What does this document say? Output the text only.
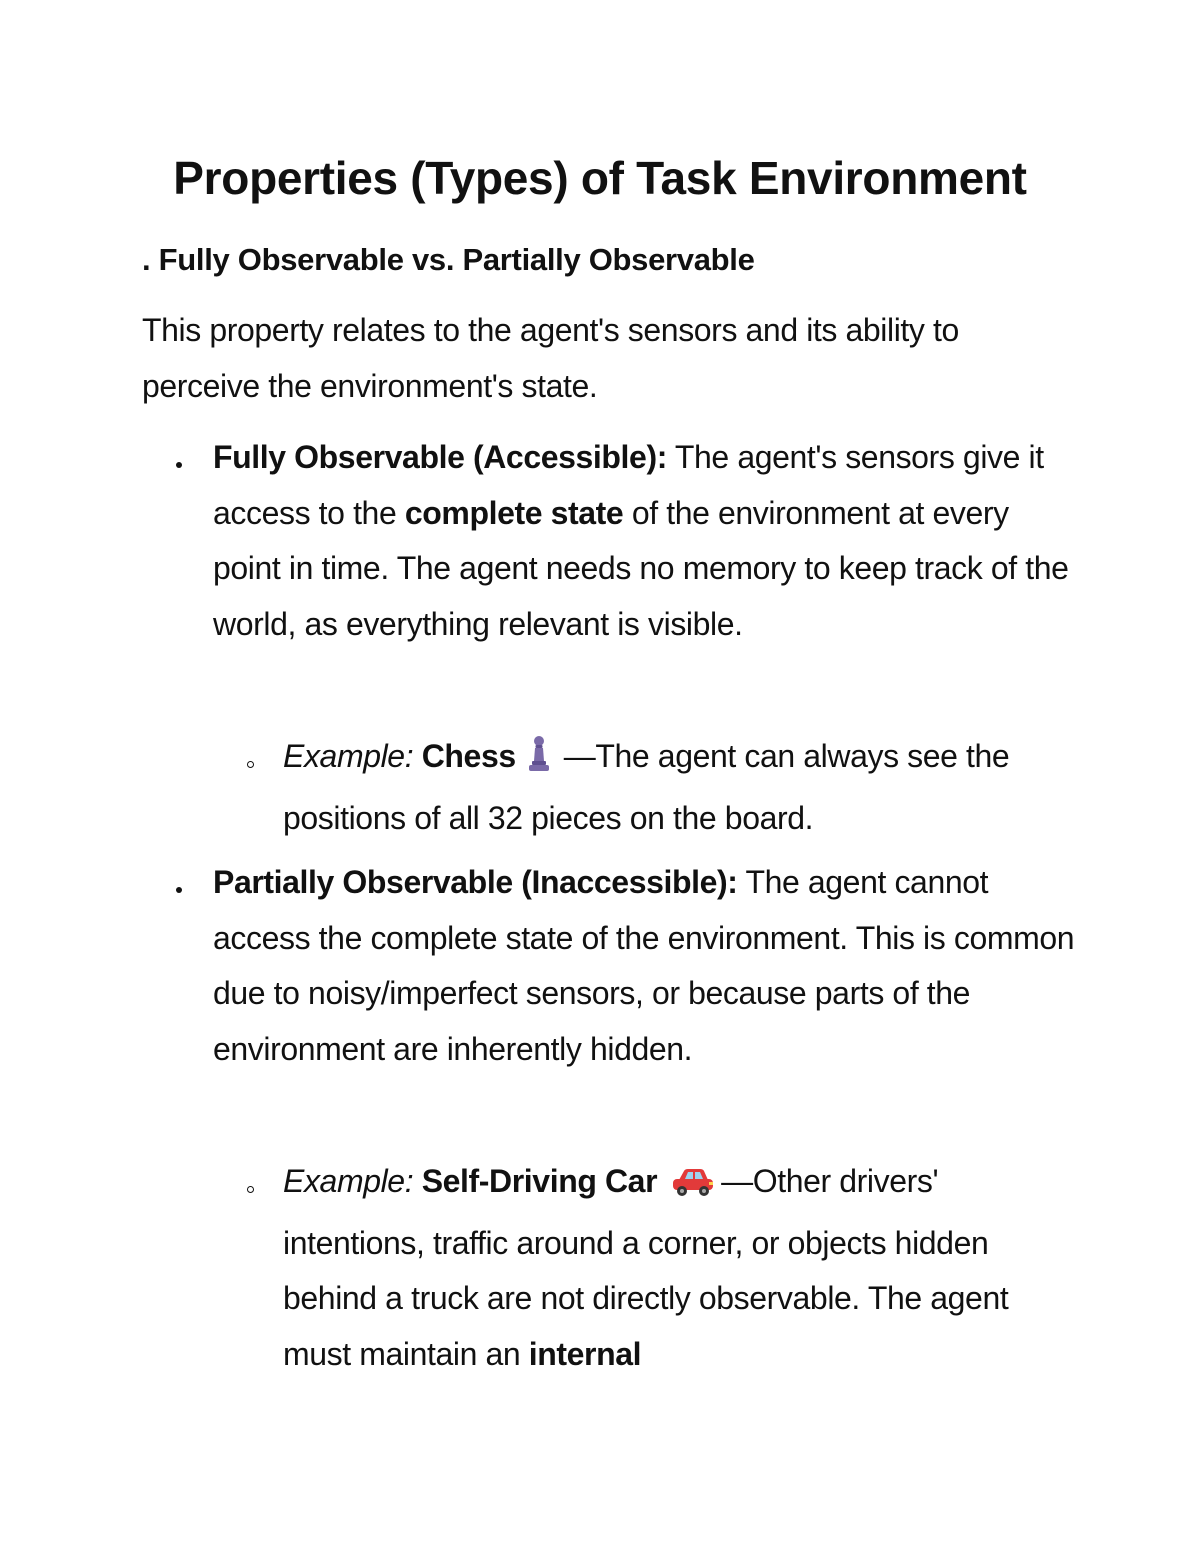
Properties (Types) of Task Environment
. Fully Observable vs. Partially Observable
This property relates to the agent's sensors and its ability to perceive the environment's state.
Fully Observable (Accessible): The agent's sensors give it access to the complete state of the environment at every point in time. The agent needs no memory to keep track of the world, as everything relevant is visible.
Example: Chess —The agent can always see the positions of all 32 pieces on the board.
Partially Observable (Inaccessible): The agent cannot access the complete state of the environment. This is common due to noisy/imperfect sensors, or because parts of the environment are inherently hidden.
Example: Self-Driving Car —Other drivers' intentions, traffic around a corner, or objects hidden behind a truck are not directly observable. The agent must maintain an internal
